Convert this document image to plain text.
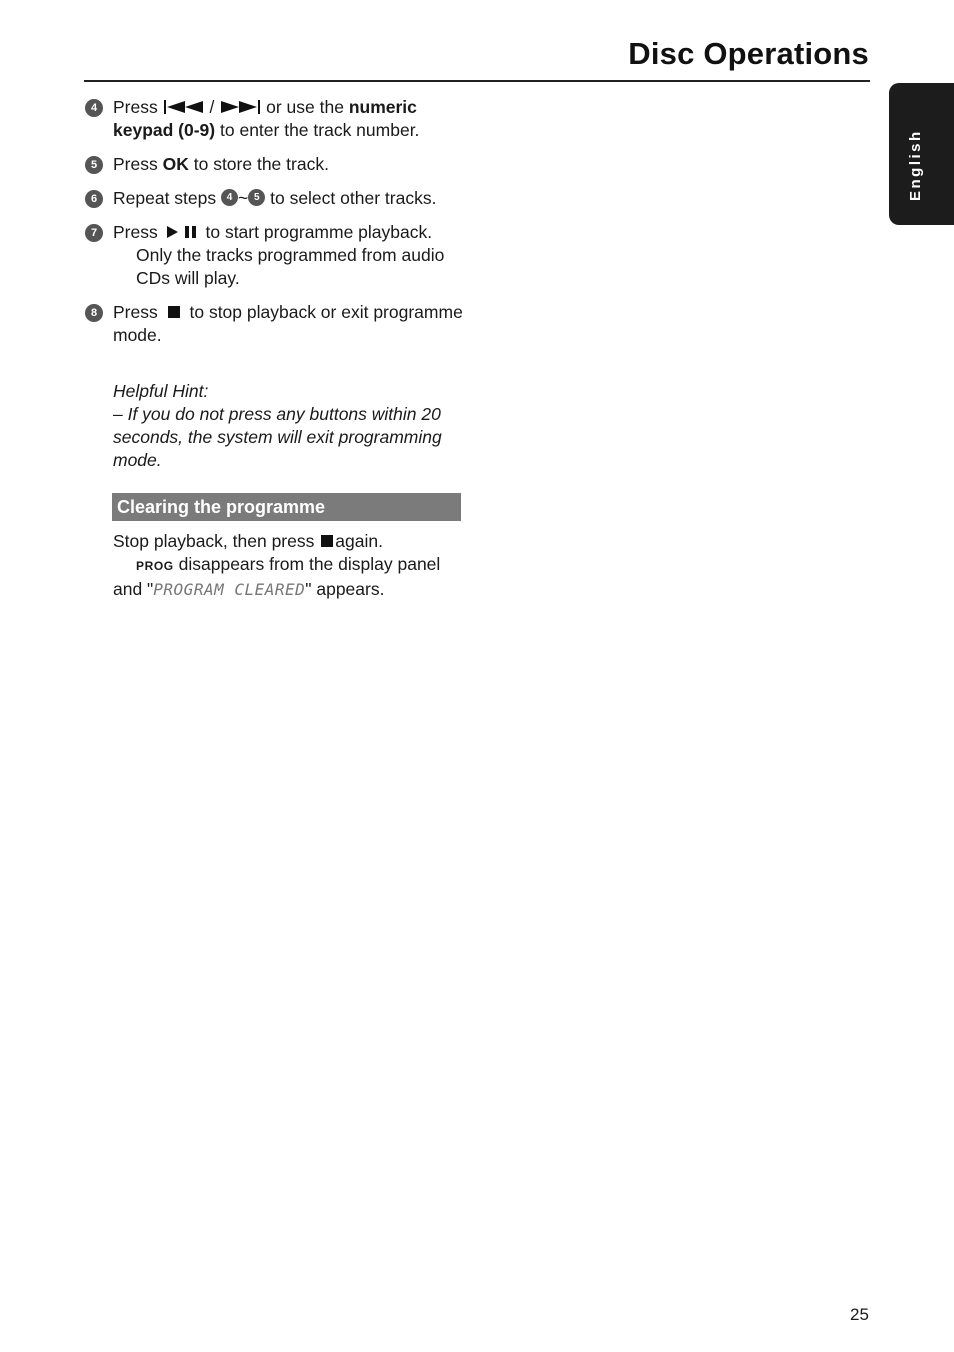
Disc Operations
English
4 Press	/	or use the numeric keypad (0-9) to enter the track number.
5 Press OK to store the track.
6 Repeat steps 4 ~ 5 to select other tracks.
7 Press	to start programme playback.
Only the tracks programmed from audio CDs will play.
8 Press to stop playback or exit programme mode.
Helpful Hint:
– If you do not press any buttons within 20 seconds, the system will exit programming mode.
Clearing the programme
Stop playback, then press again.
PROG disappears from the display panel
and "PROGRAM CLEARED" appears.
25
